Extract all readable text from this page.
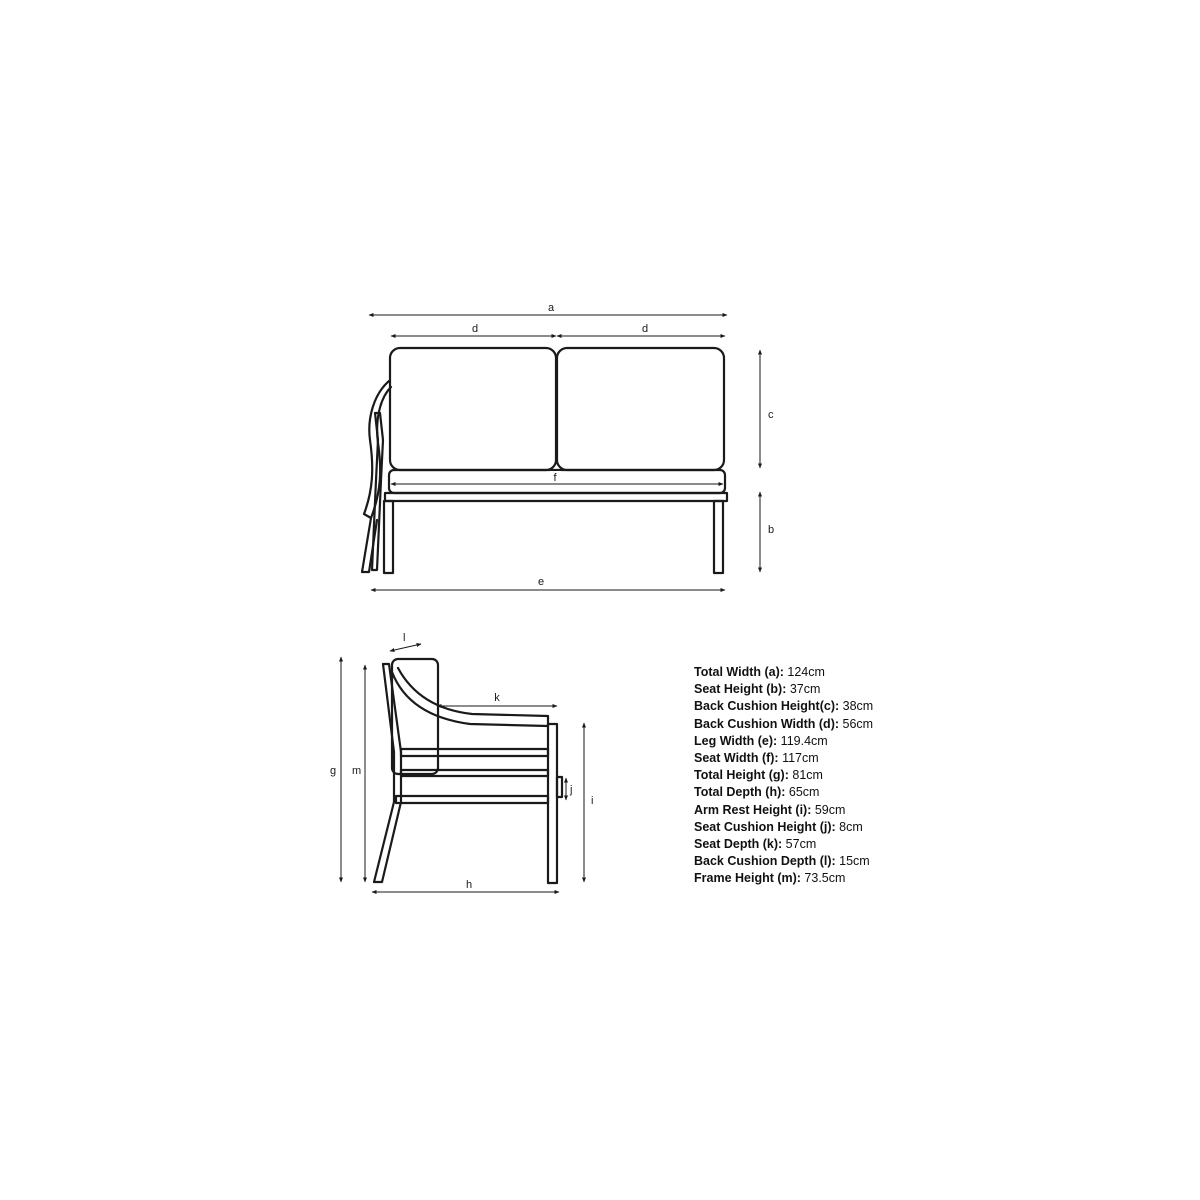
a
d	d
c
b
f
e
l
k
g m
i
j
h
Total Width (a): 124cm
Seat Height (b): 37cm
Back Cushion Height(c): 38cm
Back Cushion Width (d): 56cm
Leg Width (e): 119.4cm
Seat Width (f): 117cm
Total Height (g): 81cm
Total Depth (h): 65cm
Arm Rest Height (i): 59cm
Seat Cushion Height (j): 8cm
Seat Depth (k): 57cm
Back Cushion Depth (l): 15cm
Frame Height (m): 73.5cm
